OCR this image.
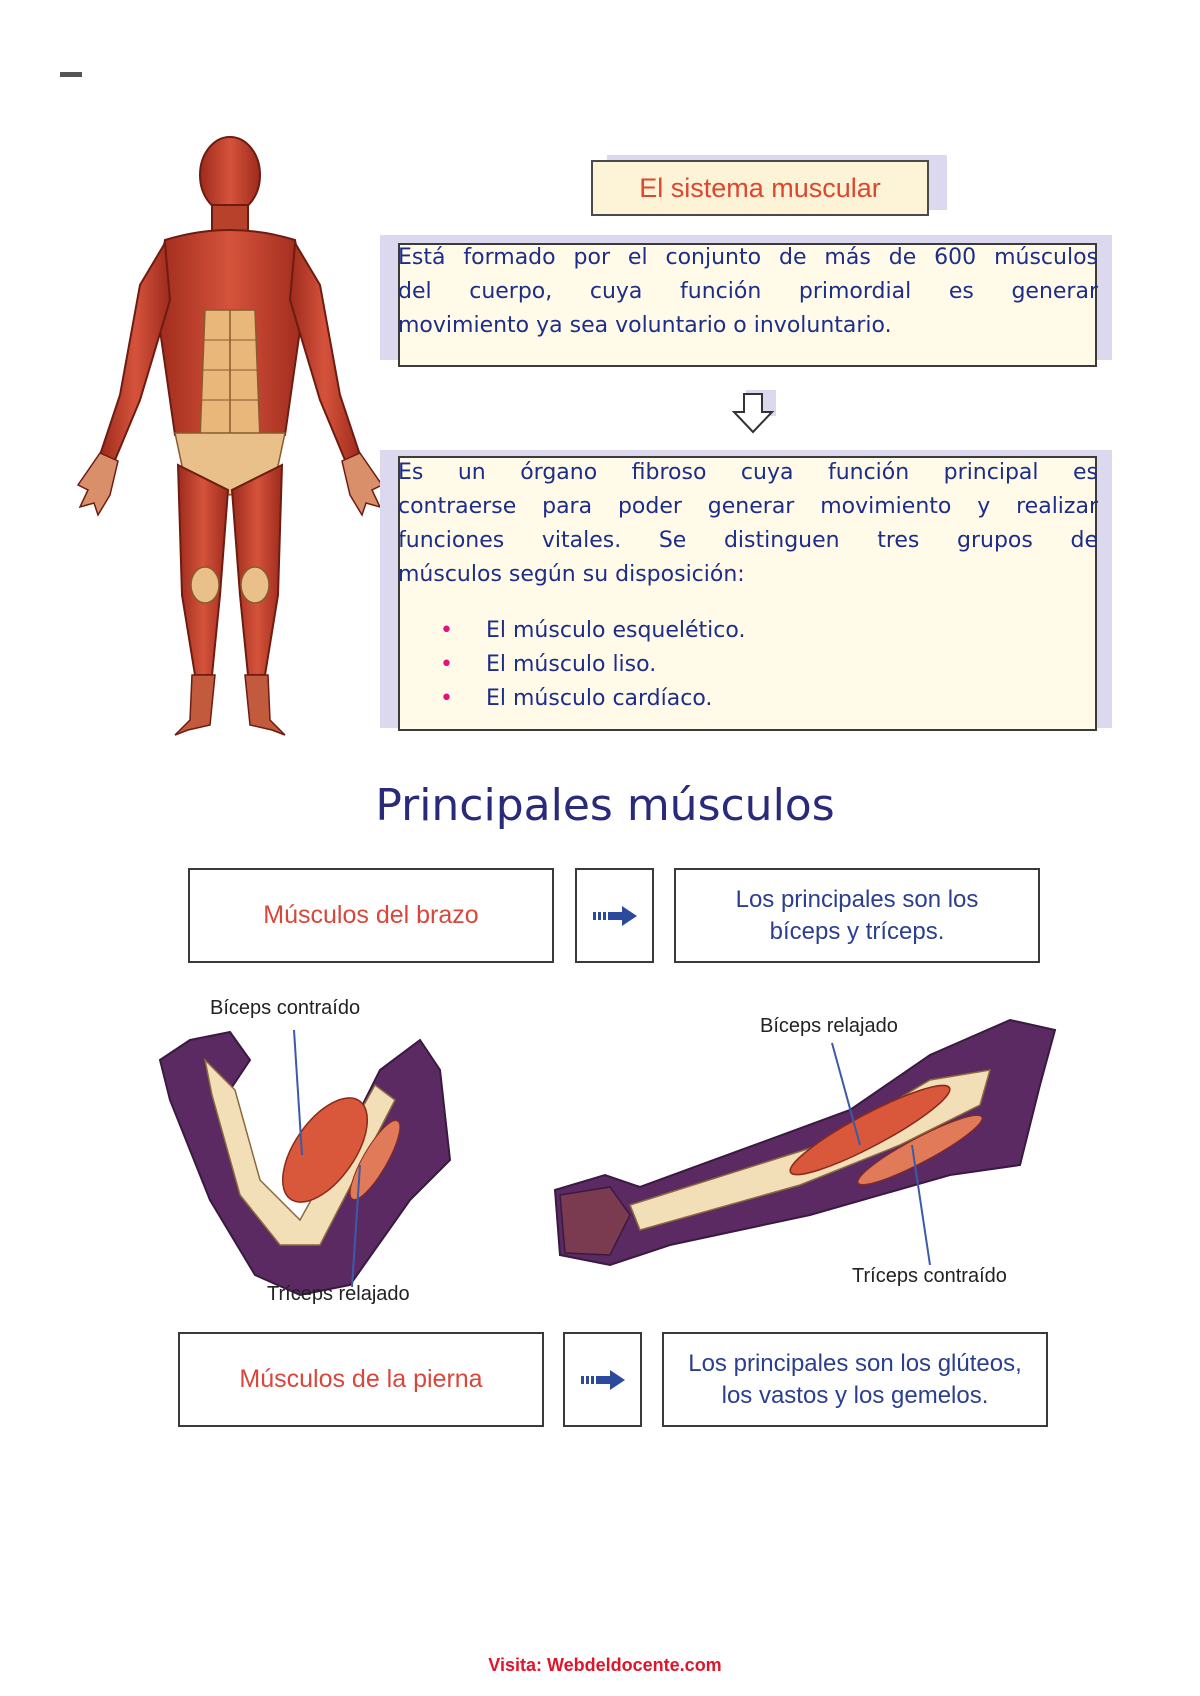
El sistema muscular
Está formado por el conjunto de más de 600 músculos
del cuerpo, cuya función primordial es generar
movimiento ya sea voluntario o involuntario.
Es un órgano fibroso cuya función principal es
contraerse para poder generar movimiento y realizar
funciones vitales. Se distinguen tres grupos de
músculos según su disposición:
•	El músculo esquelético.
•	El músculo liso.
•	El músculo cardíaco.
Principales músculos
Músculos del brazo
Los principales son los
bíceps y tríceps.
Bíceps contraído
Tríceps relajado
Bíceps relajado
Tríceps contraído
Músculos de la pierna
Los principales son los glúteos,
los vastos y los gemelos.
Visita: Webdeldocente.com
